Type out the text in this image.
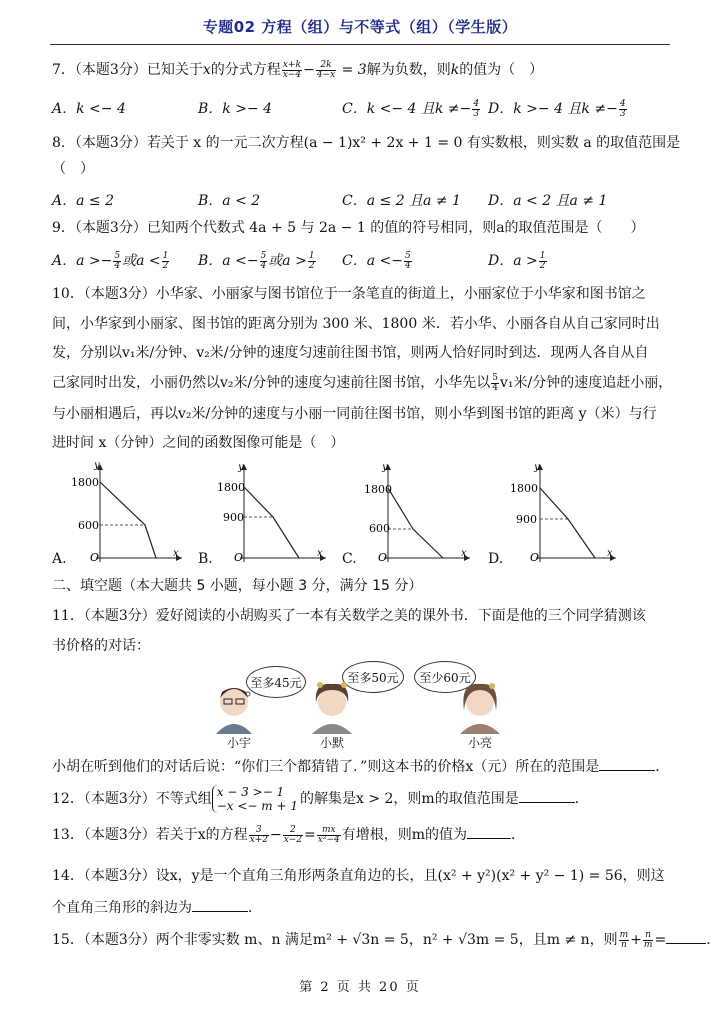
专题02 方程（组）与不等式（组）（学生版）
7．（本题3分）已知关于x的分式方程 $\frac{x+k}{x-4} - \frac{2k}{4-x} = 3$解为负数，则k的值为（　）
A．k <− 4	B．k >− 4	C．k <− 4 且$k \ne- \frac{4}{3}$ D．k >− 4 且$k \ne- \frac{4}{3}$
8．（本题3分）若关于 x 的一元二次方程(a − 1)x² + 2x + 1 = 0 有实数根，则实数 a 的取值范围是
（　）
A．a ≤ 2	B．a < 2	C．a ≤ 2 且a ≠ 1 D．a < 2 且a ≠ 1
9．（本题3分）已知两个代数式 4a + 5 与 2a − 1 的值的符号相同，则a的取值范围是（　　）
A．$a >- \frac{5}{4}$ 或$a < \frac{1}{2}$ B．$a <- \frac{5}{4}$ 或$a > \frac{1}{2}$ C．$a <- \frac{5}{4}$	D．$a > \frac{1}{2}$
10．（本题3分）小华家、小丽家与图书馆位于一条笔直的街道上，小丽家位于小华家和图书馆之
间，小华家到小丽家、图书馆的距离分别为 300 米、1800 米．若小华、小丽各自从自己家同时出
发，分别以v₁米/分钟、v₂米/分钟的速度匀速前往图书馆，则两人恰好同时到达．现两人各自从自
己家同时出发，小丽仍然以v₂米/分钟的速度匀速前往图书馆，小华先以 $\frac{5}{4} v_1$米/分钟的速度追赶小丽，
与小丽相遇后，再以v₂米/分钟的速度与小丽一同前往图书馆，则小华到图书馆的距离 y（米）与行
进时间 x（分钟）之间的函数图像可能是（　）
A.
y
x
O
1800
600
B.
y
x
O
1800
900
C.
y
x
O
1800
600
D.
y
x
O
1800
900
二、填空题（本大题共 5 小题，每小题 3 分，满分 15 分）
11．（本题3分）爱好阅读的小胡购买了一本有关数学之美的课外书．下面是他的三个同学猜测该
书价格的对话：
至多45元	至多50元	至少60元
小宇	小默	小亮
小胡在听到他们的对话后说：“你们三个都猜错了．”则这本书的价格x（元）所在的范围是	．
12．（本题3分）不等式组 x − 3 >− 1
−x <− m + 1 的解集是x > 2，则m的取值范围是	．
13．（本题3分）若关于x的方程 $\frac{3}{x+2} - \frac{2}{x-2} = \frac{mx}{\text{x²−4}}$ 有增根，则m的值为	．
14．（本题3分）设x，y是一个直角三角形两条直角边的长，且(x² + y²)(x² + y² − 1) = 56，则这
个直角三角形的斜边为	．
15．（本题3分）两个非零实数 m、n 满足m² + √3n = 5，n² + √3m = 5，且m ≠ n，则 $\frac{m}{n} + \frac{n}{m}$ =	．
第 2 页 共 20 页
